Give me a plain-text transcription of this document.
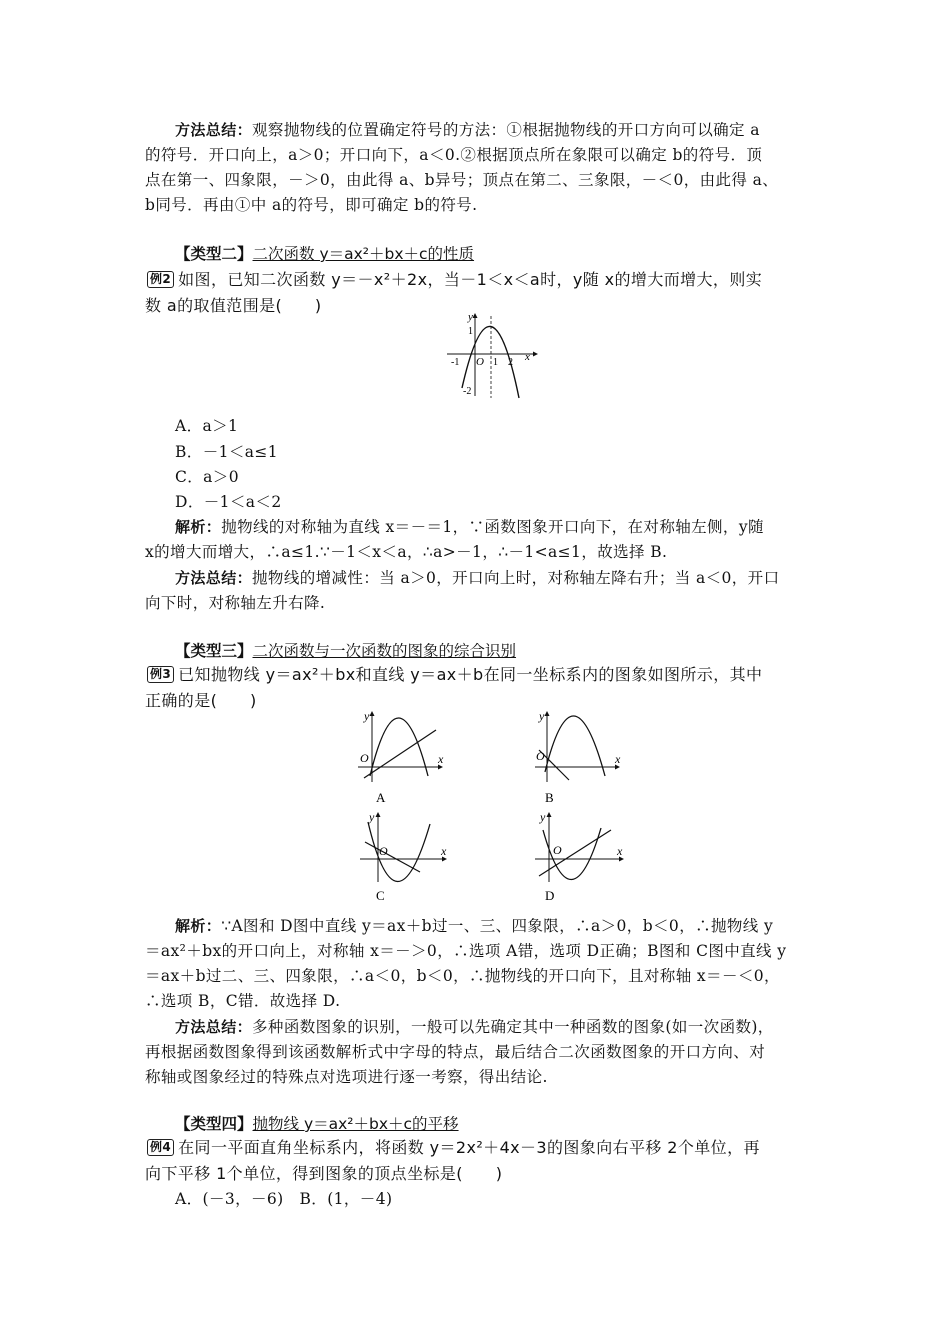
方法总结：观察抛物线的位置确定符号的方法：①根据抛物线的开口方向可以确定 a
的符号．开口向上，a＞0；开口向下，a＜0.②根据顶点所在象限可以确定 b的符号．顶
点在第一、四象限，－＞0，由此得 a、b异号；顶点在第二、三象限，－＜0，由此得 a、
b同号．再由①中 a的符号，即可确定 b的符号.
【类型二】二次函数 y＝ax²＋bx＋c的性质
例2 如图，已知二次函数 y＝－x²＋2x，当－1＜x＜a时，y随 x的增大而增大，则实
数 a的取值范围是(　　)
y
1
-1 O 1 2 x
-2
A．a＞1
B．－1＜a≤1
C．a＞0
D．－1＜a＜2
解析：抛物线的对称轴为直线 x＝－＝1，∵函数图象开口向下，在对称轴左侧，y随
x的增大而增大，∴a≤1.∵－1＜x＜a，∴a>－1，∴－1<a≤1，故选择 B.
方法总结：抛物线的增减性：当 a＞0，开口向上时，对称轴左降右升；当 a＜0，开口
向下时，对称轴左升右降.
【类型三】二次函数与一次函数的图象的综合识别
例3 已知抛物线 y＝ax²＋bx和直线 y＝ax＋b在同一坐标系内的图象如图所示，其中
正确的是(　　)
y
O	x
A
y
O	x
B
y
O	x
C
y
O	x
D
解析：∵A图和 D图中直线 y＝ax＋b过一、三、四象限，∴a＞0，b＜0，∴抛物线 y
＝ax²＋bx的开口向上，对称轴 x＝－＞0，∴选项 A错，选项 D正确；B图和 C图中直线 y
＝ax＋b过二、三、四象限，∴a＜0，b＜0，∴抛物线的开口向下，且对称轴 x＝－＜0，
∴选项 B，C错．故选择 D.
方法总结：多种函数图象的识别，一般可以先确定其中一种函数的图象(如一次函数)，
再根据函数图象得到该函数解析式中字母的特点，最后结合二次函数图象的开口方向、对
称轴或图象经过的特殊点对选项进行逐一考察，得出结论.
【类型四】抛物线 y＝ax²＋bx＋c的平移
例4 在同一平面直角坐标系内，将函数 y＝2x²＋4x－3的图象向右平移 2个单位，再
向下平移 1个单位，得到图象的顶点坐标是(　　)
A．(－3，－6)　B．(1，－4)
